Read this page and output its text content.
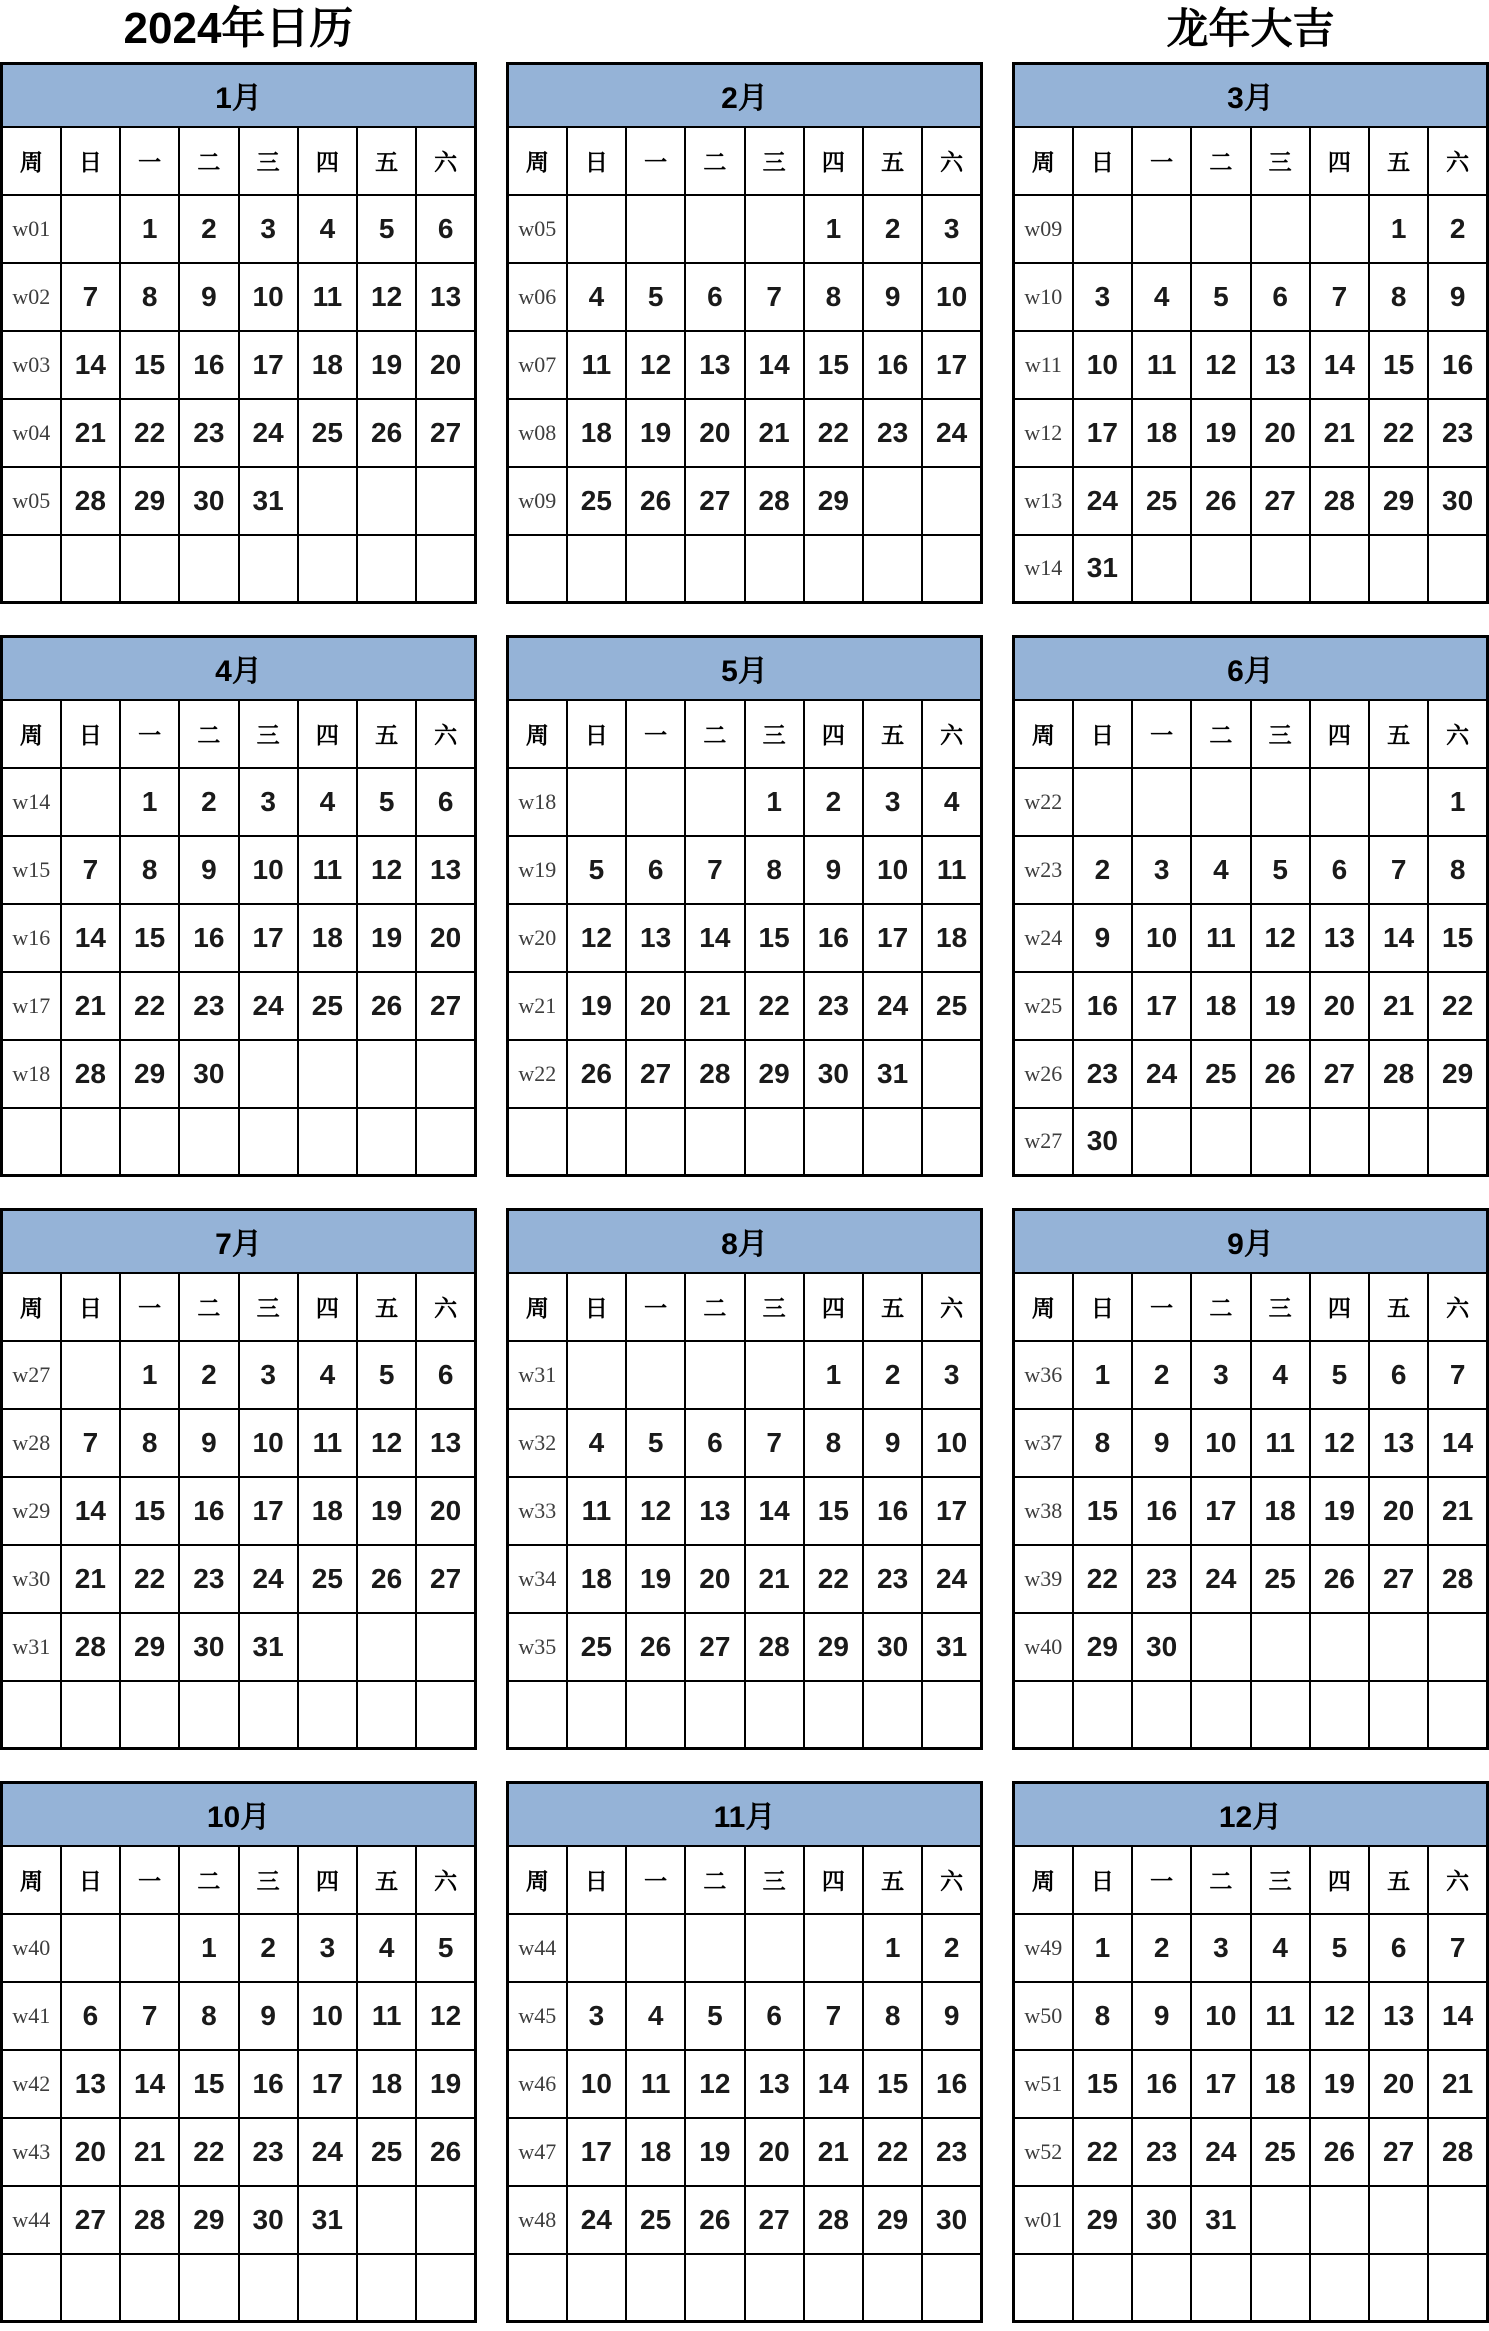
2024年日历	龙年大吉
1月							
周	日	一	二	三	四	五	六
w01		1	2	3	4	5	6
w02	7	8	9	10	11	12	13
w03	14	15	16	17	18	19	20
w04	21	22	23	24	25	26	27
w05	28	29	30	31			

2月							
周	日	一	二	三	四	五	六
w05					1	2	3
w06	4	5	6	7	8	9	10
w07	11	12	13	14	15	16	17
w08	18	19	20	21	22	23	24
w09	25	26	27	28	29		

3月							
周	日	一	二	三	四	五	六
w09						1	2
w10	3	4	5	6	7	8	9
w11	10	11	12	13	14	15	16
w12	17	18	19	20	21	22	23
w13	24	25	26	27	28	29	30
w14	31						
4月							
周	日	一	二	三	四	五	六
w14		1	2	3	4	5	6
w15	7	8	9	10	11	12	13
w16	14	15	16	17	18	19	20
w17	21	22	23	24	25	26	27
w18	28	29	30				

5月							
周	日	一	二	三	四	五	六
w18				1	2	3	4
w19	5	6	7	8	9	10	11
w20	12	13	14	15	16	17	18
w21	19	20	21	22	23	24	25
w22	26	27	28	29	30	31	

6月							
周	日	一	二	三	四	五	六
w22							1
w23	2	3	4	5	6	7	8
w24	9	10	11	12	13	14	15
w25	16	17	18	19	20	21	22
w26	23	24	25	26	27	28	29
w27	30						
7月							
周	日	一	二	三	四	五	六
w27		1	2	3	4	5	6
w28	7	8	9	10	11	12	13
w29	14	15	16	17	18	19	20
w30	21	22	23	24	25	26	27
w31	28	29	30	31			

8月							
周	日	一	二	三	四	五	六
w31					1	2	3
w32	4	5	6	7	8	9	10
w33	11	12	13	14	15	16	17
w34	18	19	20	21	22	23	24
w35	25	26	27	28	29	30	31

9月							
周	日	一	二	三	四	五	六
w36	1	2	3	4	5	6	7
w37	8	9	10	11	12	13	14
w38	15	16	17	18	19	20	21
w39	22	23	24	25	26	27	28
w40	29	30					

10月							
周	日	一	二	三	四	五	六
w40			1	2	3	4	5
w41	6	7	8	9	10	11	12
w42	13	14	15	16	17	18	19
w43	20	21	22	23	24	25	26
w44	27	28	29	30	31		

11月							
周	日	一	二	三	四	五	六
w44						1	2
w45	3	4	5	6	7	8	9
w46	10	11	12	13	14	15	16
w47	17	18	19	20	21	22	23
w48	24	25	26	27	28	29	30

12月							
周	日	一	二	三	四	五	六
w49	1	2	3	4	5	6	7
w50	8	9	10	11	12	13	14
w51	15	16	17	18	19	20	21
w52	22	23	24	25	26	27	28
w01	29	30	31				
